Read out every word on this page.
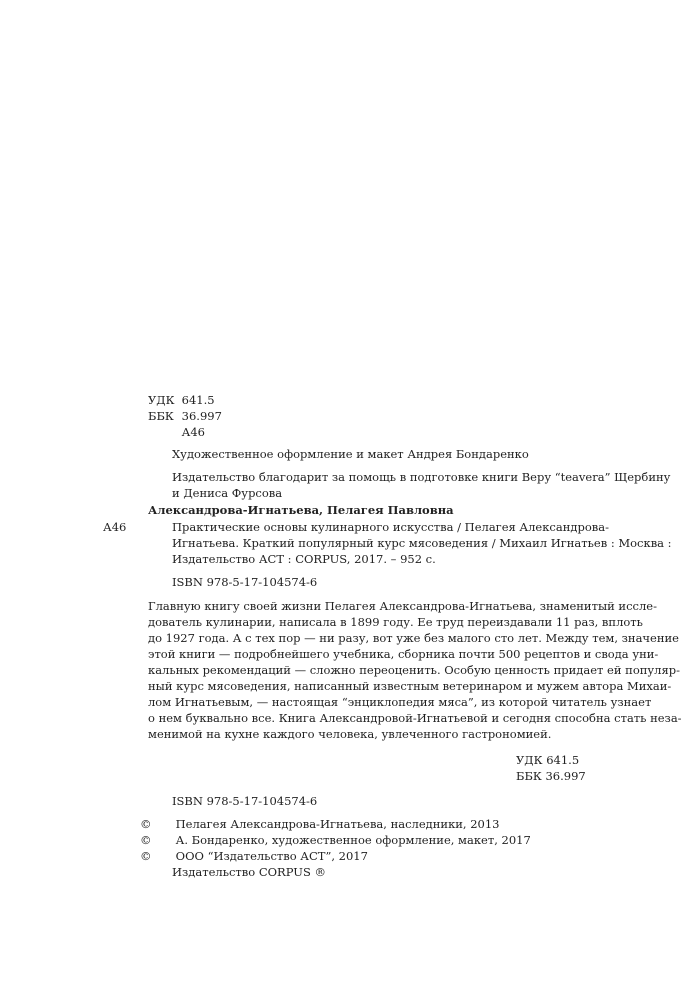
УДК 641.5
ББК 36.997
А46
Художественное оформление и макет Андрея Бондаренко
Издательство благодарит за помощь в подготовке книги Веру “teavera” Щербину
и Дениса Фурсова
Александрова-Игнатьева, Пелагея Павловна
А46	Практические основы кулинарного искусства / Пелагея Александрова-
Игнатьева. Краткий популярный курс мясоведения / Михаил Игнатьев : Москва :
Издательство АСТ : CORPUS, 2017. – 952 с.
ISBN 978-5-17-104574-6
Главную книгу своей жизни Пелагея Александрова-Игнатьева, знаменитый иссле-
дователь кулинарии, написала в 1899 году. Ее труд переиздавали 11 раз, вплоть
до 1927 года. А с тех пор — ни разу, вот уже без малого сто лет. Между тем, значение
этой книги — подробнейшего учебника, сборника почти 500 рецептов и свода уни-
кальных рекомендаций — сложно переоценить. Особую ценность придает ей популяр-
ный курс мясоведения, написанный известным ветеринаром и мужем автора Михаи-
лом Игнатьевым, — настоящая “энциклопедия мяса”, из которой читатель узнает
о нем буквально все. Книга Александровой-Игнатьевой и сегодня способна стать неза-
менимой на кухне каждого человека, увлеченного гастрономией.
УДК 641.5
ББК 36.997
ISBN 978-5-17-104574-6
© Пелагея Александрова-Игнатьева, наследники, 2013
© А. Бондаренко, художественное оформление, макет, 2017
© ООО “Издательство АСТ”, 2017
Издательство CORPUS ®
